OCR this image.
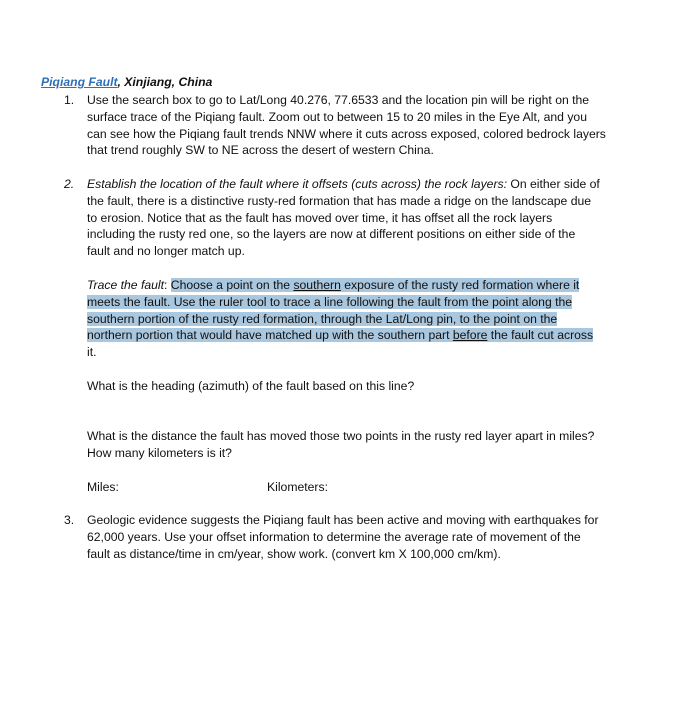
Piqiang Fault, Xinjiang, China
1.	Use the search box to go to Lat/Long 40.276, 77.6533 and the location pin will be right on the
surface trace of the Piqiang fault. Zoom out to between 15 to 20 miles in the Eye Alt, and you
can see how the Piqiang fault trends NNW where it cuts across exposed, colored bedrock layers
that trend roughly SW to NE across the desert of western China.
2.	Establish the location of the fault where it offsets (cuts across) the rock layers: On either side of
the fault, there is a distinctive rusty-red formation that has made a ridge on the landscape due
to erosion. Notice that as the fault has moved over time, it has offset all the rock layers
including the rusty red one, so the layers are now at different positions on either side of the
fault and no longer match up.
Trace the fault: Choose a point on the southern exposure of the rusty red formation where it
meets the fault. Use the ruler tool to trace a line following the fault from the point along the
southern portion of the rusty red formation, through the Lat/Long pin, to the point on the
northern portion that would have matched up with the southern part before the fault cut across
it.
What is the heading (azimuth) of the fault based on this line?
What is the distance the fault has moved those two points in the rusty red layer apart in miles?
How many kilometers is it?
Miles:	Kilometers:
3.	Geologic evidence suggests the Piqiang fault has been active and moving with earthquakes for
62,000 years. Use your offset information to determine the average rate of movement of the
fault as distance/time in cm/year, show work. (convert km X 100,000 cm/km).
